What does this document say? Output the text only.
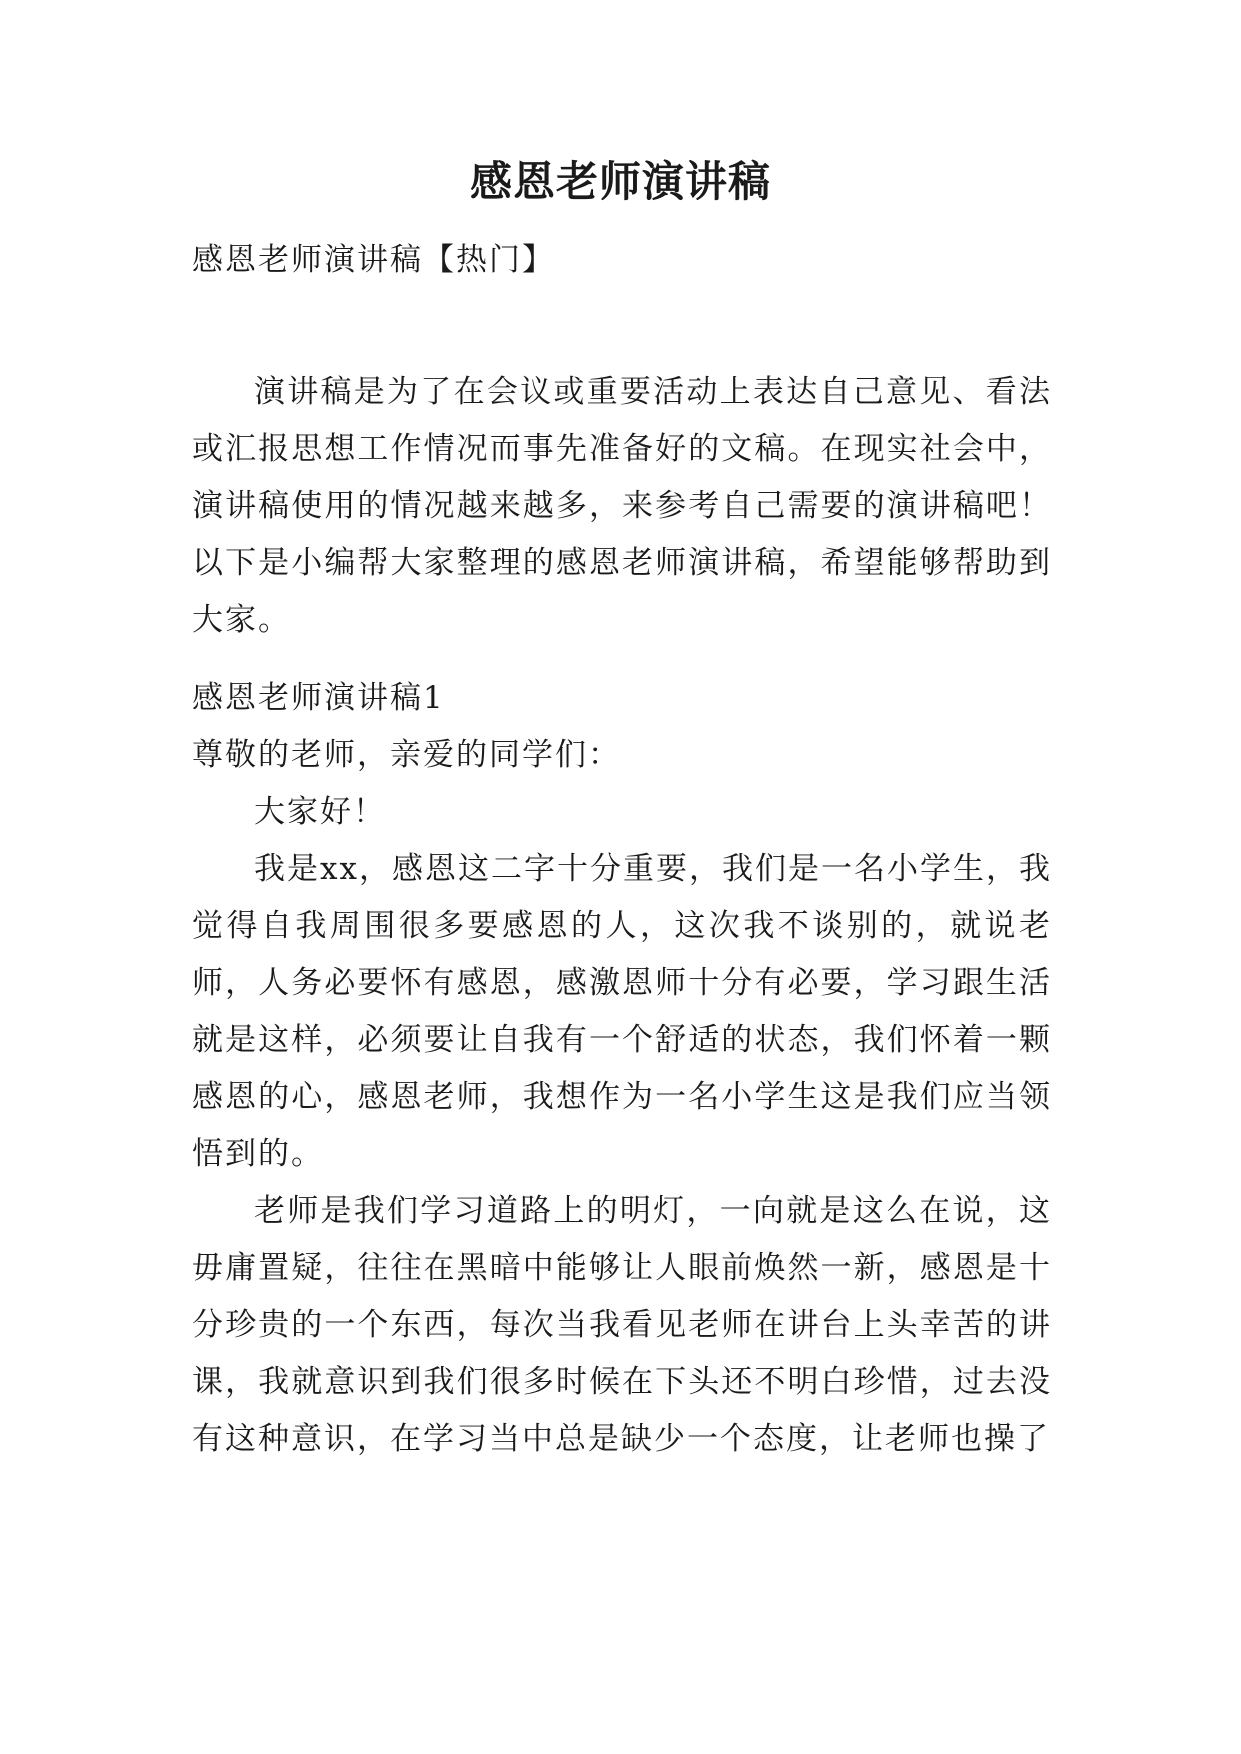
感恩老师演讲稿

感恩老师演讲稿【热门】

演讲稿是为了在会议或重要活动上表达自己意见、看法或汇报思想工作情况而事先准备好的文稿。在现实社会中，演讲稿使用的情况越来越多，来参考自己需要的演讲稿吧！以下是小编帮大家整理的感恩老师演讲稿，希望能够帮助到大家。

感恩老师演讲稿1

尊敬的老师，亲爱的同学们：

大家好！

我是xx，感恩这二字十分重要，我们是一名小学生，我觉得自我周围很多要感恩的人，这次我不谈别的，就说老师，人务必要怀有感恩，感激恩师十分有必要，学习跟生活就是这样，必须要让自我有一个舒适的状态，我们怀着一颗感恩的心，感恩老师，我想作为一名小学生这是我们应当领悟到的。

老师是我们学习道路上的明灯，一向就是这么在说，这毋庸置疑，往往在黑暗中能够让人眼前焕然一新，感恩是十分珍贵的一个东西，每次当我看见老师在讲台上头幸苦的讲课，我就意识到我们很多时候在下头还不明白珍惜，过去没有这种意识，在学习当中总是缺少一个态度，让老师也操了
